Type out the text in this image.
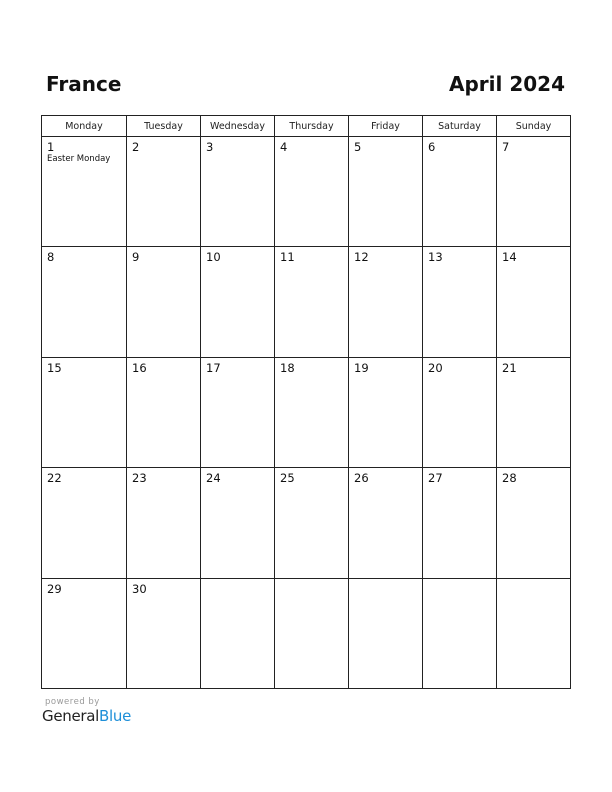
France	April 2024
Monday	Tuesday	Wednesday	Thursday	Friday	Saturday	Sunday
1
Easter Monday
2	3	4	5	6	7
8	9	10	11	12	13	14
15	16	17	18	19	20	21
22	23	24	25	26	27	28
29	30
powered by
GeneralBlue
